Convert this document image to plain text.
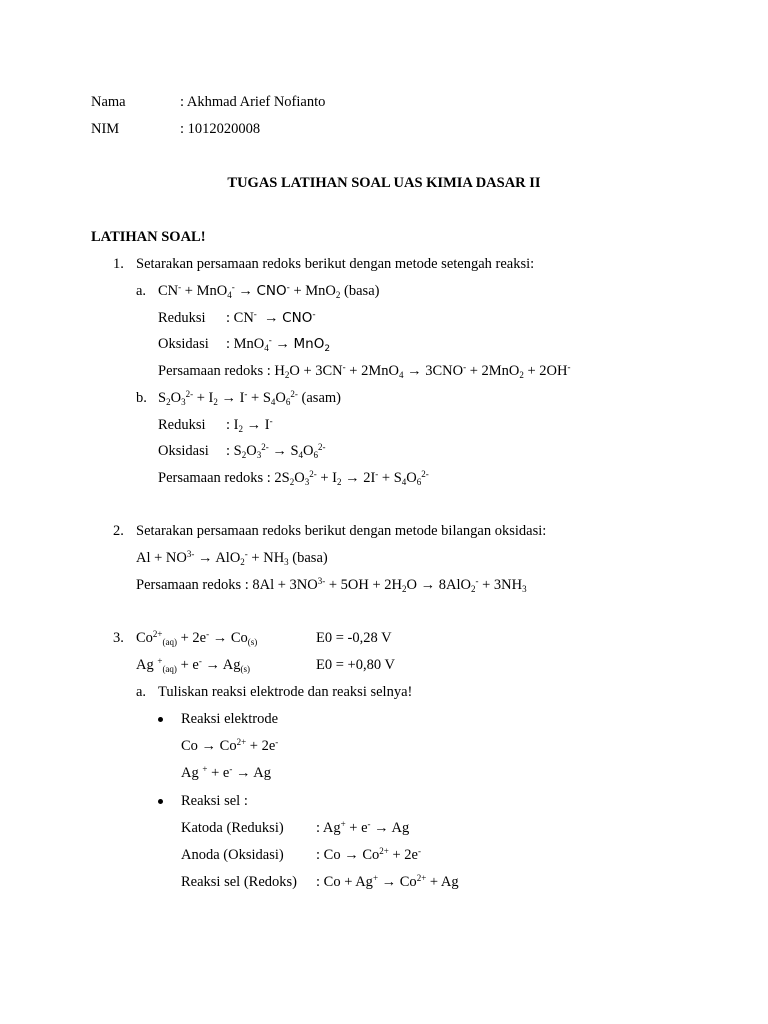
Nama	: Akhmad Arief Nofianto
NIM	: 1012020008
TUGAS LATIHAN SOAL UAS KIMIA DASAR II
LATIHAN SOAL!
1. Setarakan persamaan redoks berikut dengan metode setengah reaksi:
a. CN- + MnO$_4$- → CNO- + MnO$_2$ (basa)
Reduksi : CN-  → CNO-
Oksidasi : MnO$_4$- → MnO$_2$
Persamaan redoks : $H_2O + 3CN^- + 2MnO_4 \to 3CNO^- + 2MnO_2 + 2OH^-$
b. $S_2O_3^{2-} + I_2 \to I^- + S_4O_6^{2-}$ (asam)
Reduksi : $I_2 \to I^-$
Oksidasi : $S_2O_3^{2-} \to S_4O_6^{2-}$
Persamaan redoks : $2S_2O_3^{2-} + I_2 \to 2I^- + S_4O_6^{2-}$
2. Setarakan persamaan redoks berikut dengan metode bilangan oksidasi:
$Al + NO^{3-} \to AlO_2^- + NH_3$ (basa)
Persamaan redoks : $8Al + 3NO^{3-} + 5OH + 2H_2O \to 8AlO_2^- + 3NH_3$
3. $Co^{2+}_{(aq)} + 2e^- \to Co_{(s)}$	E0 = -0,28 V
Ag $^+_{(aq)} + e^- \to Ag_{(s)}$	E0 = +0,80 V
a. Tuliskan reaksi elektrode dan reaksi selnya!
Reaksi elektrode
$Co \to Co^{2+} + 2e^-$
Ag + + e- → Ag
Reaksi sel :
Katoda (Reduksi) : Ag+ + e- → Ag
Anoda (Oksidasi) : $Co \to Co^{2+} + 2e^-$
Reaksi sel (Redoks) : $Co + Ag^+ \to Co^{2+} + Ag$
